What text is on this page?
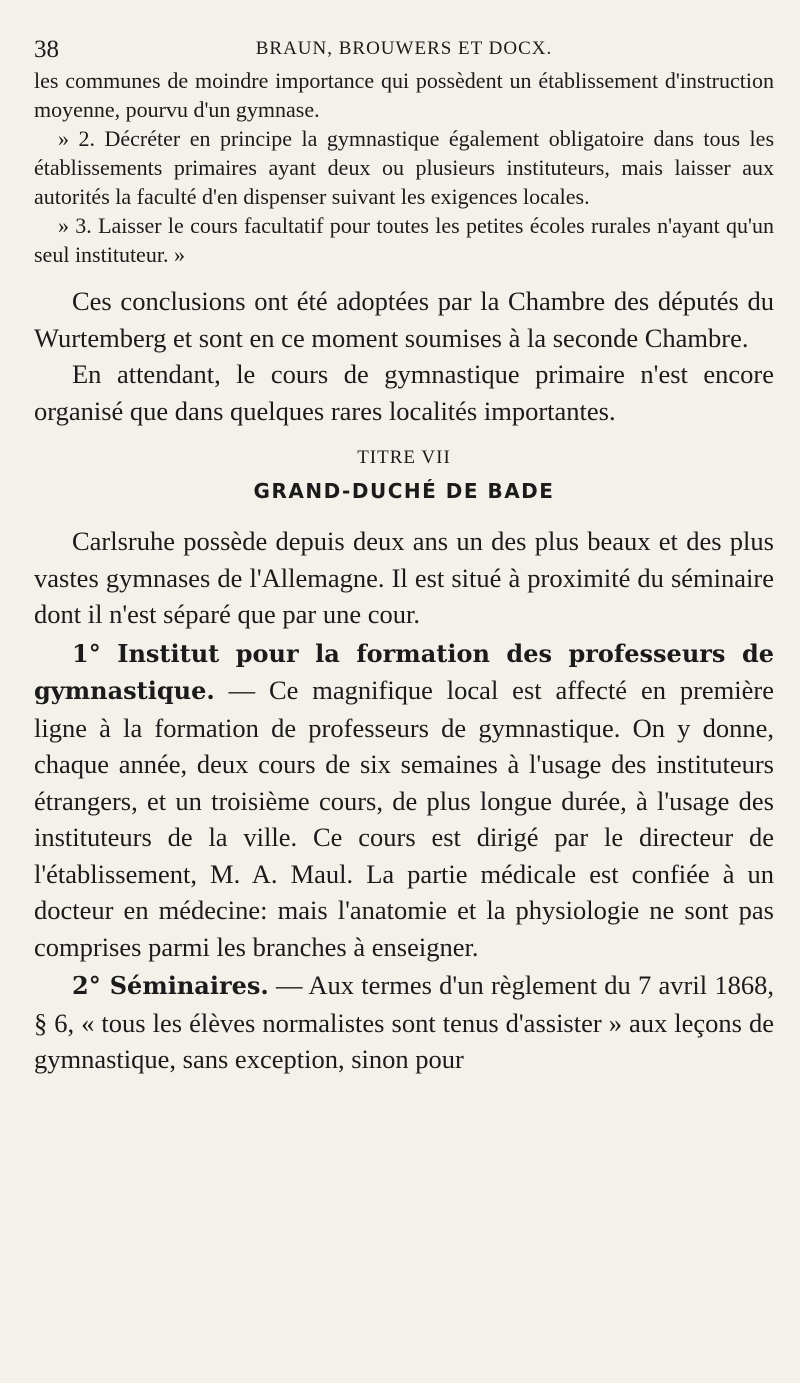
38	BRAUN, BROUWERS ET DOCX.

les communes de moindre importance qui possèdent un établissement d'instruction moyenne, pourvu d'un gymnase.

» 2. Décréter en principe la gymnastique également obligatoire dans tous les établissements primaires ayant deux ou plusieurs instituteurs, mais laisser aux autorités la faculté d'en dispenser suivant les exigences locales.

» 3. Laisser le cours facultatif pour toutes les petites écoles rurales n'ayant qu'un seul instituteur. »

Ces conclusions ont été adoptées par la Chambre des députés du Wurtemberg et sont en ce moment soumises à la seconde Chambre.

En attendant, le cours de gymnastique primaire n'est encore organisé que dans quelques rares localités importantes.

TITRE VII
GRAND-DUCHÉ DE BADE

Carlsruhe possède depuis deux ans un des plus beaux et des plus vastes gymnases de l'Allemagne. Il est situé à proximité du séminaire dont il n'est séparé que par une cour.

1° Institut pour la formation des professeurs de gymnastique. — Ce magnifique local est affecté en première ligne à la formation de professeurs de gymnastique. On y donne, chaque année, deux cours de six semaines à l'usage des instituteurs étrangers, et un troisième cours, de plus longue durée, à l'usage des instituteurs de la ville. Ce cours est dirigé par le directeur de l'établissement, M. A. Maul. La partie médicale est confiée à un docteur en médecine: mais l'anatomie et la physiologie ne sont pas comprises parmi les branches à enseigner.

2° Séminaires. — Aux termes d'un règlement du 7 avril 1868, § 6, « tous les élèves normalistes sont tenus d'assister » aux leçons de gymnastique, sans exception, sinon pour
